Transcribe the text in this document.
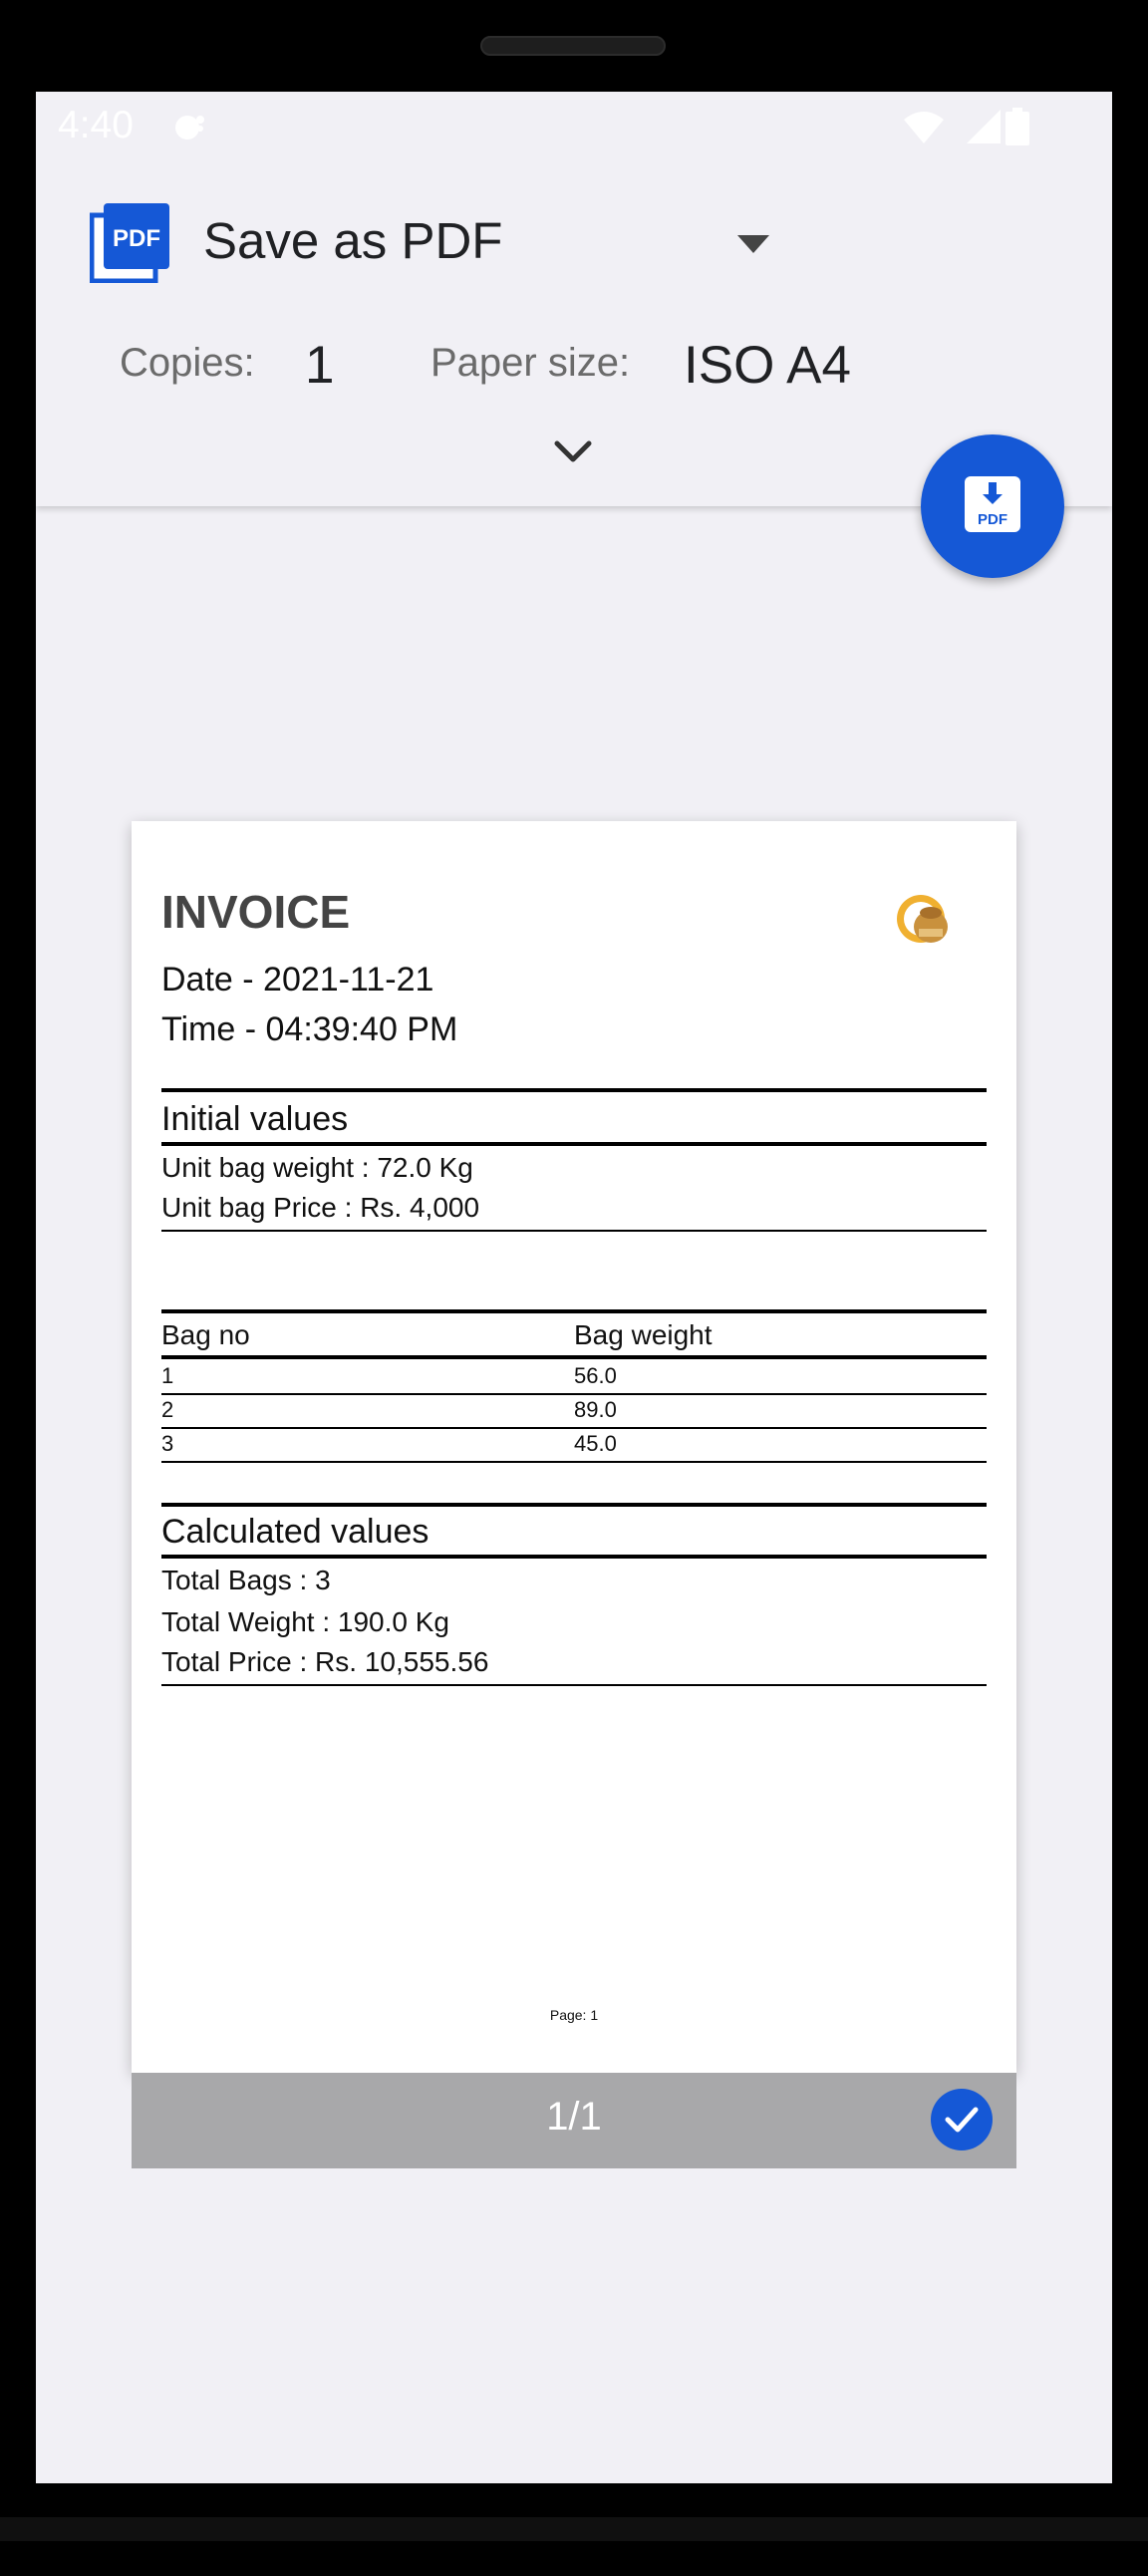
4:40
PDF Save as PDF
Copies: 1 Paper size: ISO A4
PDF
INVOICE
Date - 2021-11-21
Time - 04:39:40 PM
Initial values
Unit bag weight : 72.0 Kg
Unit bag Price : Rs. 4,000
Bag no	Bag weight
1	56.0
2	89.0
3	45.0
Calculated values
Total Bags : 3
Total Weight : 190.0 Kg
Total Price : Rs. 10,555.56
Page: 1
1/1
